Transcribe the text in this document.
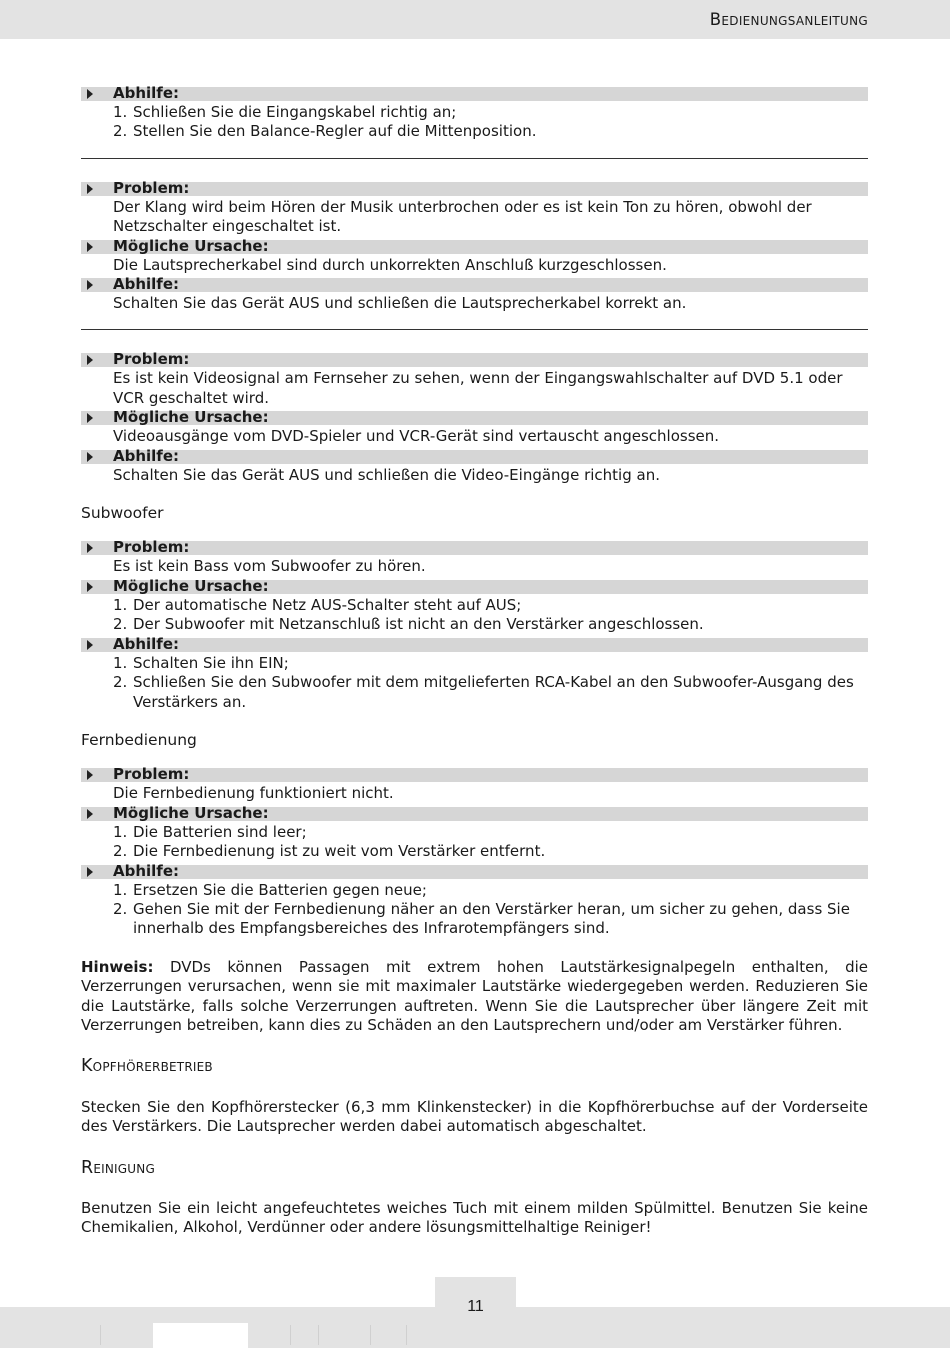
Bedienungsanleitung
Abhilfe:
1. Schließen Sie die Eingangskabel richtig an;
2. Stellen Sie den Balance-Regler auf die Mittenposition.
Problem:
Der Klang wird beim Hören der Musik unterbrochen oder es ist kein Ton zu hören, obwohl der Netzschalter eingeschaltet ist.
Mögliche Ursache:
Die Lautsprecherkabel sind durch unkorrekten Anschluß kurzgeschlossen.
Abhilfe:
Schalten Sie das Gerät AUS und schließen die Lautsprecherkabel korrekt an.
Problem:
Es ist kein Videosignal am Fernseher zu sehen, wenn der Eingangswahlschalter auf DVD 5.1 oder VCR geschaltet wird.
Mögliche Ursache:
Videoausgänge vom DVD-Spieler und VCR-Gerät sind vertauscht angeschlossen.
Abhilfe:
Schalten Sie das Gerät AUS und schließen die Video-Eingänge richtig an.
Subwoofer
Problem:
Es ist kein Bass vom Subwoofer zu hören.
Mögliche Ursache:
1. Der automatische Netz AUS-Schalter steht auf AUS;
2. Der Subwoofer mit Netzanschluß ist nicht an den Verstärker angeschlossen.
Abhilfe:
1. Schalten Sie ihn EIN;
2. Schließen Sie den Subwoofer mit dem mitgelieferten RCA-Kabel an den Subwoofer-Ausgang des Verstärkers an.
Fernbedienung
Problem:
Die Fernbedienung funktioniert nicht.
Mögliche Ursache:
1. Die Batterien sind leer;
2. Die Fernbedienung ist zu weit vom Verstärker entfernt.
Abhilfe:
1. Ersetzen Sie die Batterien gegen neue;
2. Gehen Sie mit der Fernbedienung näher an den Verstärker heran, um sicher zu gehen, dass Sie innerhalb des Empfangsbereiches des Infrarotempfängers sind.
Hinweis: DVDs können Passagen mit extrem hohen Lautstärkesignalpegeln enthalten, die Verzerrungen verursachen, wenn sie mit maximaler Lautstärke wiedergegeben werden. Reduzieren Sie die Lautstärke, falls solche Verzerrungen auftreten. Wenn Sie die Lautsprecher über längere Zeit mit Verzerrungen betreiben, kann dies zu Schäden an den Lautsprechern und/oder am Verstärker führen.
Kopfhörerbetrieb
Stecken Sie den Kopfhörerstecker (6,3 mm Klinkenstecker) in die Kopfhörerbuchse auf der Vorderseite des Verstärkers. Die Lautsprecher werden dabei automatisch abgeschaltet.
Reinigung
Benutzen Sie ein leicht angefeuchtetes weiches Tuch mit einem milden Spülmittel. Benutzen Sie keine Chemikalien, Alkohol, Verdünner oder andere lösungsmittelhaltige Reiniger!
11
